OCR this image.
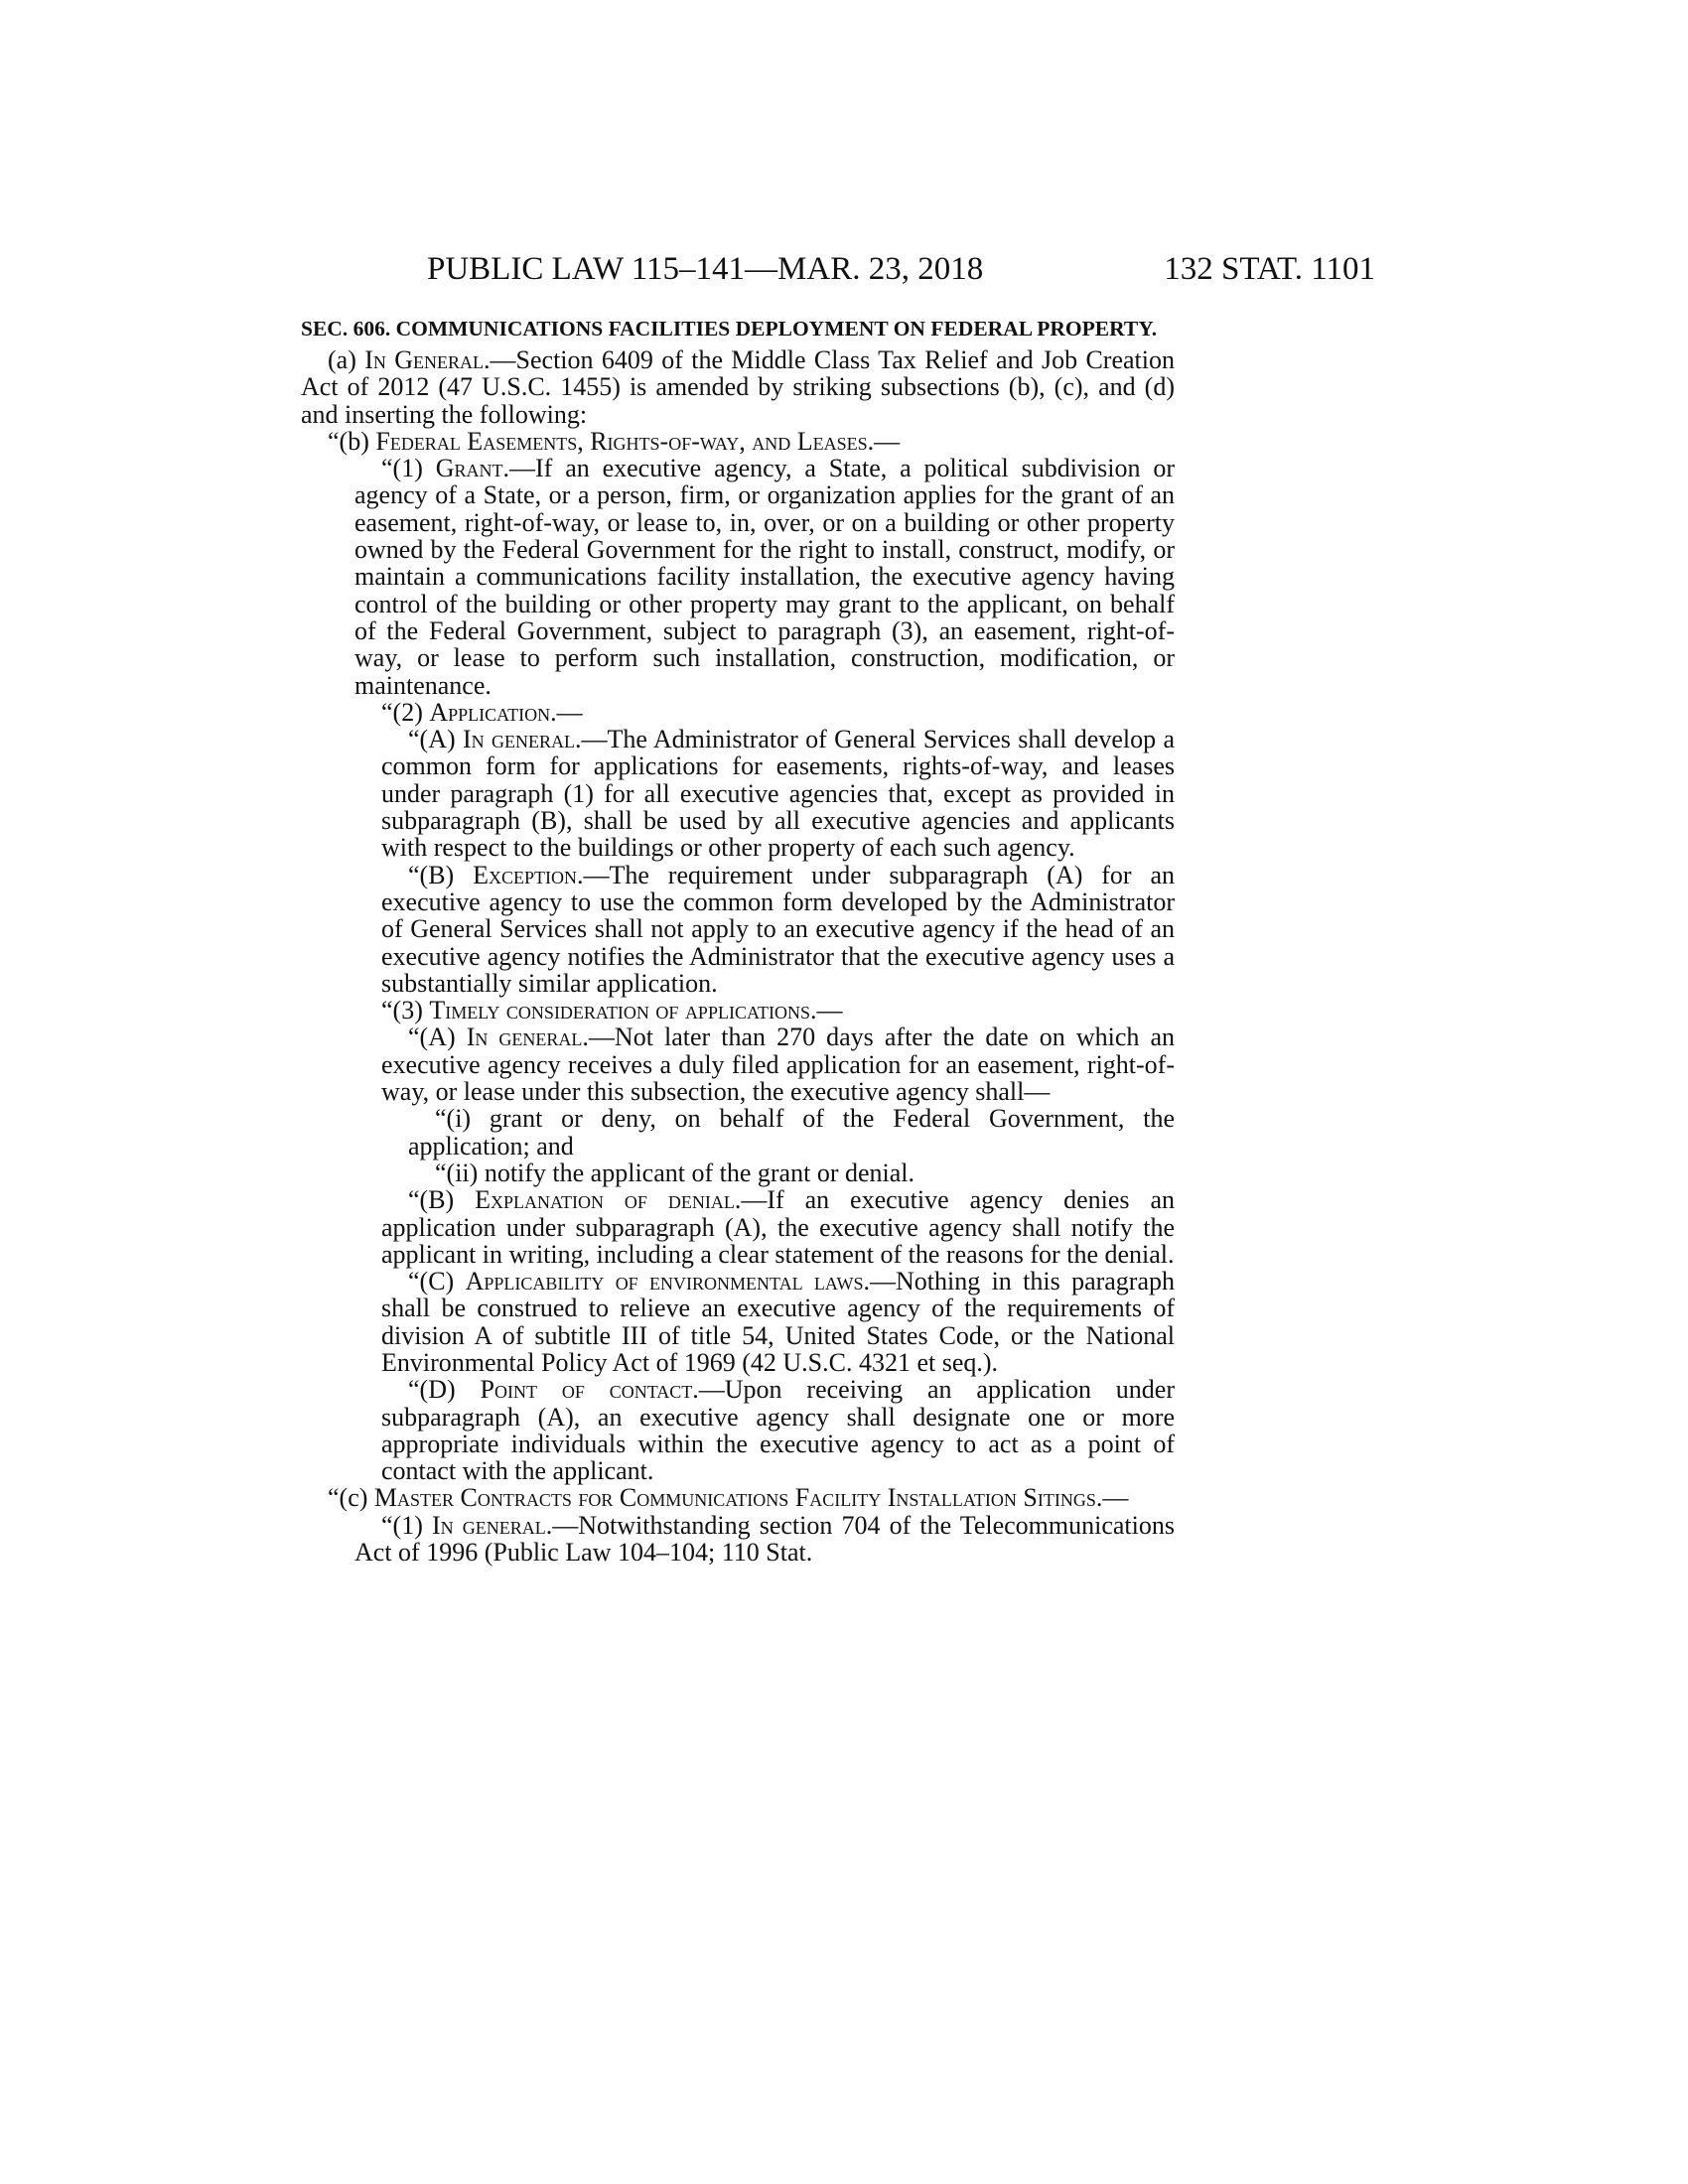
PUBLIC LAW 115–141—MAR. 23, 2018	132 STAT. 1101
SEC. 606. COMMUNICATIONS FACILITIES DEPLOYMENT ON FEDERAL PROPERTY.

(a) In General.—Section 6409 of the Middle Class Tax Relief and Job Creation Act of 2012 (47 U.S.C. 1455) is amended by striking subsections (b), (c), and (d) and inserting the following:

“(b) Federal Easements, Rights-of-way, and Leases.—

“(1) Grant.—If an executive agency, a State, a political subdivision or agency of a State, or a person, firm, or organization applies for the grant of an easement, right-of-way, or lease to, in, over, or on a building or other property owned by the Federal Government for the right to install, construct, modify, or maintain a communications facility installation, the executive agency having control of the building or other property may grant to the applicant, on behalf of the Federal Government, subject to paragraph (3), an easement, right-of-way, or lease to perform such installation, construction, modification, or maintenance.

“(2) Application.—

“(A) In general.—The Administrator of General Services shall develop a common form for applications for easements, rights-of-way, and leases under paragraph (1) for all executive agencies that, except as provided in subparagraph (B), shall be used by all executive agencies and applicants with respect to the buildings or other property of each such agency.

“(B) Exception.—The requirement under subparagraph (A) for an executive agency to use the common form developed by the Administrator of General Services shall not apply to an executive agency if the head of an executive agency notifies the Administrator that the executive agency uses a substantially similar application.

“(3) Timely consideration of applications.—

“(A) In general.—Not later than 270 days after the date on which an executive agency receives a duly filed application for an easement, right-of-way, or lease under this subsection, the executive agency shall—

“(i) grant or deny, on behalf of the Federal Government, the application; and

“(ii) notify the applicant of the grant or denial.

“(B) Explanation of denial.—If an executive agency denies an application under subparagraph (A), the executive agency shall notify the applicant in writing, including a clear statement of the reasons for the denial.

“(C) Applicability of environmental laws.—Nothing in this paragraph shall be construed to relieve an executive agency of the requirements of division A of subtitle III of title 54, United States Code, or the National Environmental Policy Act of 1969 (42 U.S.C. 4321 et seq.).

“(D) Point of contact.—Upon receiving an application under subparagraph (A), an executive agency shall designate one or more appropriate individuals within the executive agency to act as a point of contact with the applicant.

“(c) Master Contracts for Communications Facility Installation Sitings.—

“(1) In general.—Notwithstanding section 704 of the Telecommunications Act of 1996 (Public Law 104–104; 110 Stat.
